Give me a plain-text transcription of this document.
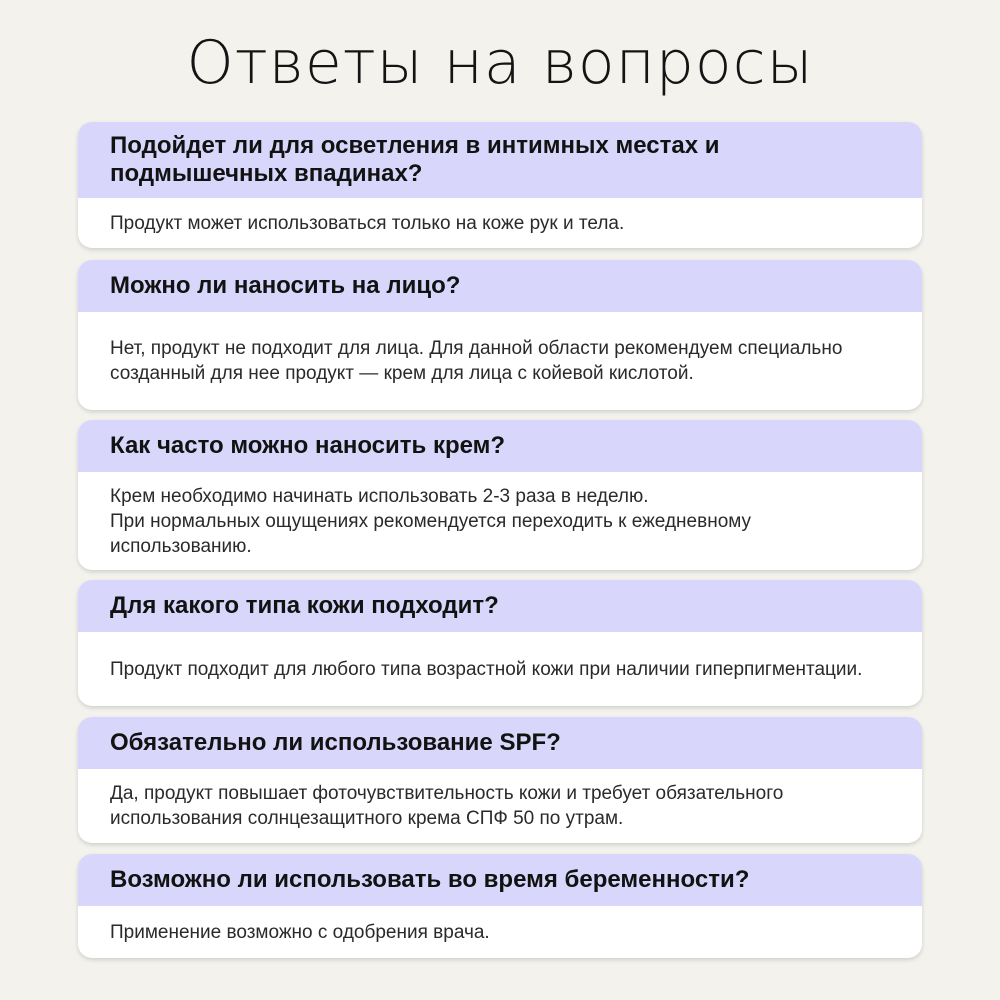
Ответы на вопросы
Подойдет ли для осветления в интимных местах и подмышечных впадинах?
Продукт может использоваться только на коже рук и тела.
Можно ли наносить на лицо?
Нет, продукт не подходит для лица. Для данной области рекомендуем специально созданный для нее продукт — крем для лица с койевой кислотой.
Как часто можно наносить крем?
Крем необходимо начинать использовать 2-3 раза в неделю.
При нормальных ощущениях рекомендуется переходить к ежедневному использованию.
Для какого типа кожи подходит?
Продукт подходит для любого типа возрастной кожи при наличии гиперпигментации.
Обязательно ли использование SPF?
Да, продукт повышает фоточувствительность кожи и требует обязательного использования солнцезащитного крема СПФ 50 по утрам.
Возможно ли использовать во время беременности?
Применение возможно с одобрения врача.
